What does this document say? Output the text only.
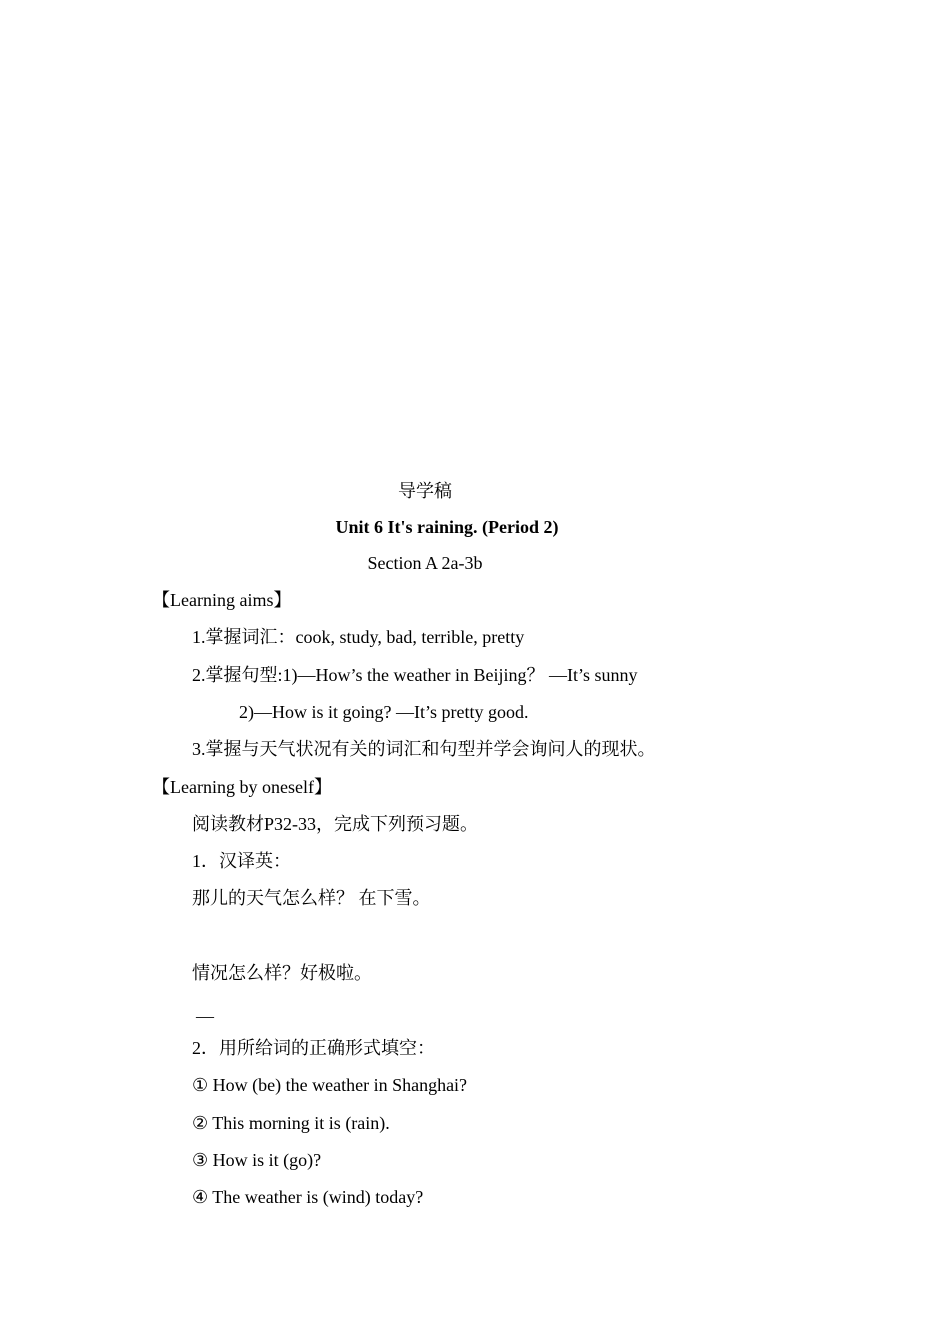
导学稿
Unit 6 It's raining. (Period 2)
Section A 2a-3b
【Learning aims】
1.掌握词汇：cook, study, bad, terrible, pretty
2.掌握句型:1)—How’s the weather in Beijing？ —It’s sunny
2)—How is it going? —It’s pretty good.
3.掌握与天气状况有关的词汇和句型并学会询问人的现状。
【Learning by oneself】
阅读教材P32-33，完成下列预习题。
1．汉译英：
那儿的天气怎么样？ 在下雪。
情况怎么样？好极啦。
—
2．用所给词的正确形式填空：
① How (be) the weather in Shanghai?
② This morning it is (rain).
③ How is it (go)?
④ The weather is (wind) today?
